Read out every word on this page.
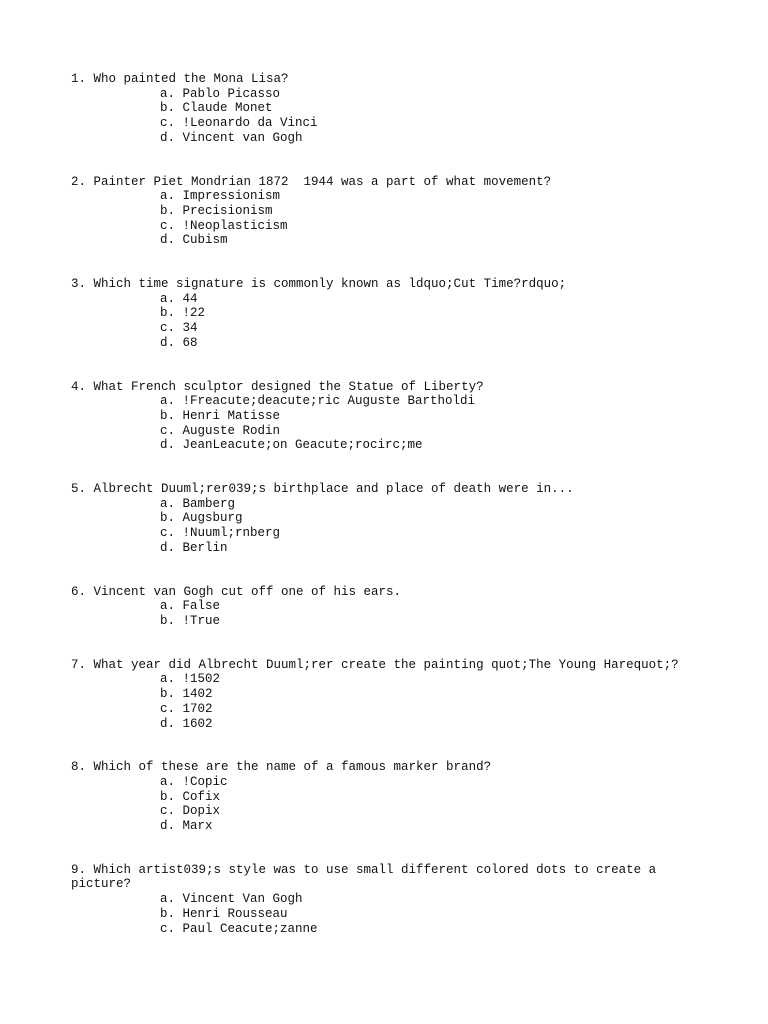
1. Who painted the Mona Lisa?
a. Pablo Picasso
b. Claude Monet
c. !Leonardo da Vinci
d. Vincent van Gogh
2. Painter Piet Mondrian 1872  1944 was a part of what movement?
a. Impressionism
b. Precisionism
c. !Neoplasticism
d. Cubism
3. Which time signature is commonly known as ldquo;Cut Time?rdquo;
a. 44
b. !22
c. 34
d. 68
4. What French sculptor designed the Statue of Liberty?
a. !Freacute;deacute;ric Auguste Bartholdi
b. Henri Matisse
c. Auguste Rodin
d. JeanLeacute;on Geacute;rocirc;me
5. Albrecht Duuml;rer039;s birthplace and place of death were in...
a. Bamberg
b. Augsburg
c. !Nuuml;rnberg
d. Berlin
6. Vincent van Gogh cut off one of his ears.
a. False
b. !True
7. What year did Albrecht Duuml;rer create the painting quot;The Young Harequot;?
a. !1502
b. 1402
c. 1702
d. 1602
8. Which of these are the name of a famous marker brand?
a. !Copic
b. Cofix
c. Dopix
d. Marx
9. Which artist039;s style was to use small different colored dots to create a picture?
a. Vincent Van Gogh
b. Henri Rousseau
c. Paul Ceacute;zanne
